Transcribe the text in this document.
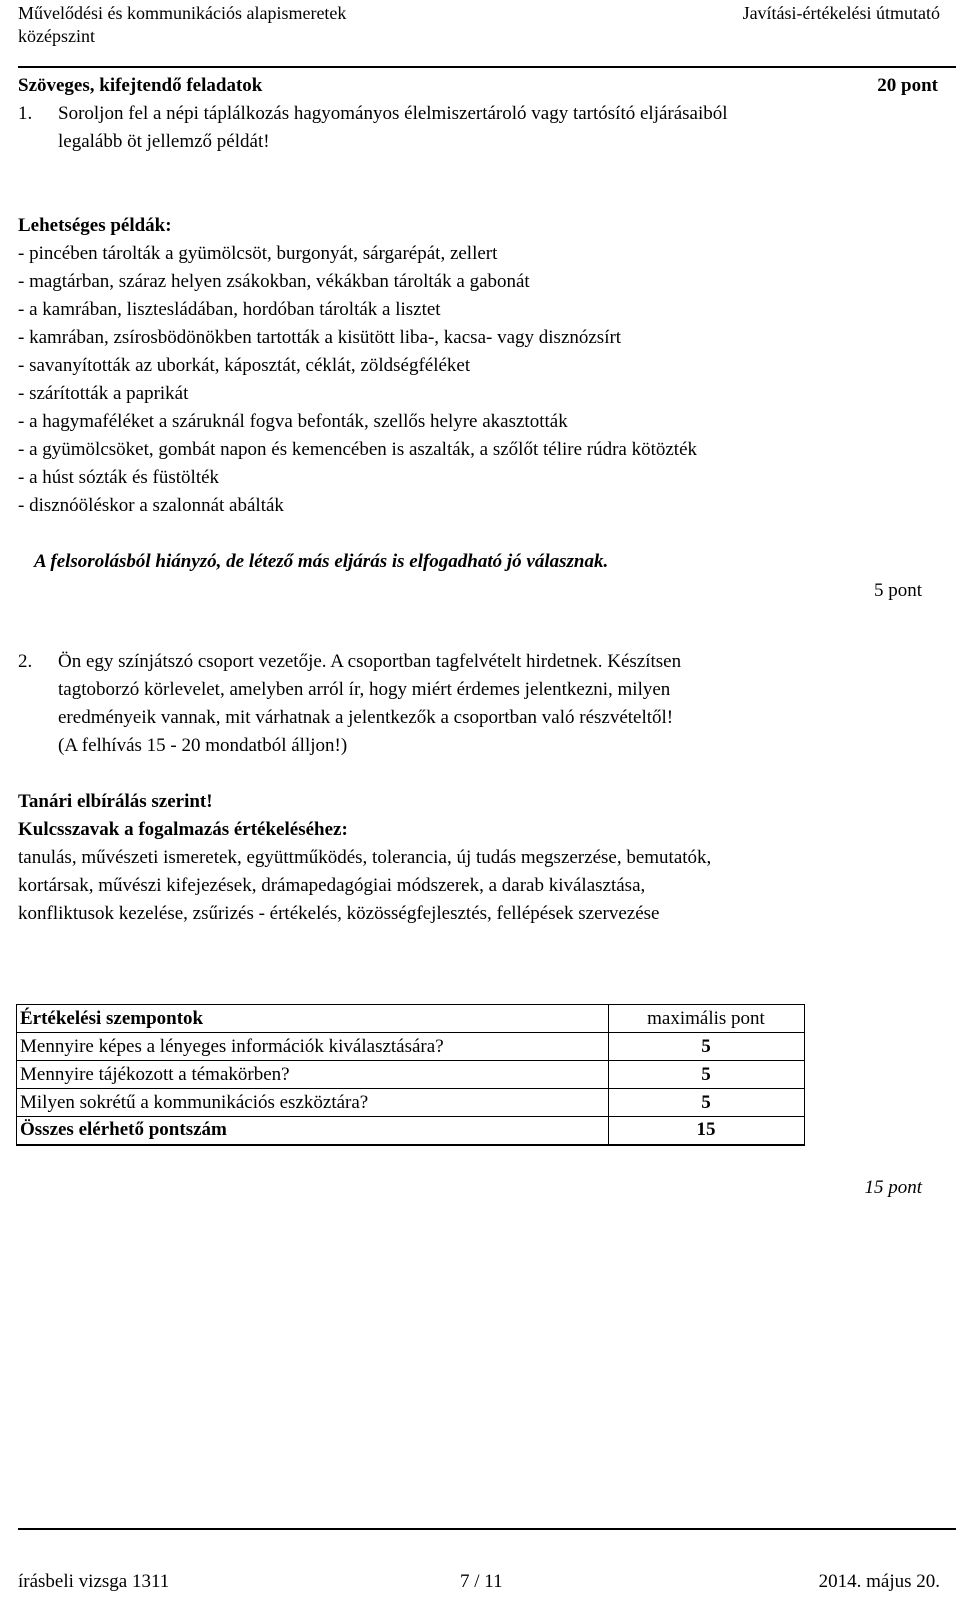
Művelődési és kommunikációs alapismeretek
középszint
Javítási-értékelési útmutató
Szöveges, kifejtendő feladatok	20 pont
1. Soroljon fel a népi táplálkozás hagyományos élelmiszertároló vagy tartósító eljárásaiból
legalább öt jellemző példát!
Lehetséges példák:
- pincében tárolták a gyümölcsöt, burgonyát, sárgarépát, zellert
- magtárban, száraz helyen zsákokban, vékákban tárolták a gabonát
- a kamrában, lisztesládában, hordóban tárolták a lisztet
- kamrában, zsírosbödönökben tartották a kisütött liba-, kacsa- vagy disznózsírt
- savanyították az uborkát, káposztát, céklát, zöldségféléket
- szárították a paprikát
- a hagymaféléket a száruknál fogva befonták, szellős helyre akasztották
- a gyümölcsöket, gombát napon és kemencében is aszalták, a szőlőt télire rúdra kötözték
- a húst sózták és füstölték
- disznóöléskor a szalonnát abálták
A felsorolásból hiányzó, de létező más eljárás is elfogadható jó válasznak.
5 pont
2. Ön egy színjátszó csoport vezetője. A csoportban tagfelvételt hirdetnek. Készítsen
tagtoborzó körlevelet, amelyben arról ír, hogy miért érdemes jelentkezni, milyen
eredményeik vannak, mit várhatnak a jelentkezők a csoportban való részvételtől!
(A felhívás 15 - 20 mondatból álljon!)
Tanári elbírálás szerint!
Kulcsszavak a fogalmazás értékeléséhez:
tanulás, művészeti ismeretek, együttműködés, tolerancia, új tudás megszerzése, bemutatók,
kortársak, művészi kifejezések, drámapedagógiai módszerek, a darab kiválasztása,
konfliktusok kezelése, zsűrizés - értékelés, közösségfejlesztés, fellépések szervezése
Értékelési szempontok	maximális pont
Mennyire képes a lényeges információk kiválasztására?	5
Mennyire tájékozott a témakörben?	5
Milyen sokrétű a kommunikációs eszköztára?	5
Összes elérhető pontszám	15
15 pont
írásbeli vizsga 1311	7 / 11	2014. május 20.
